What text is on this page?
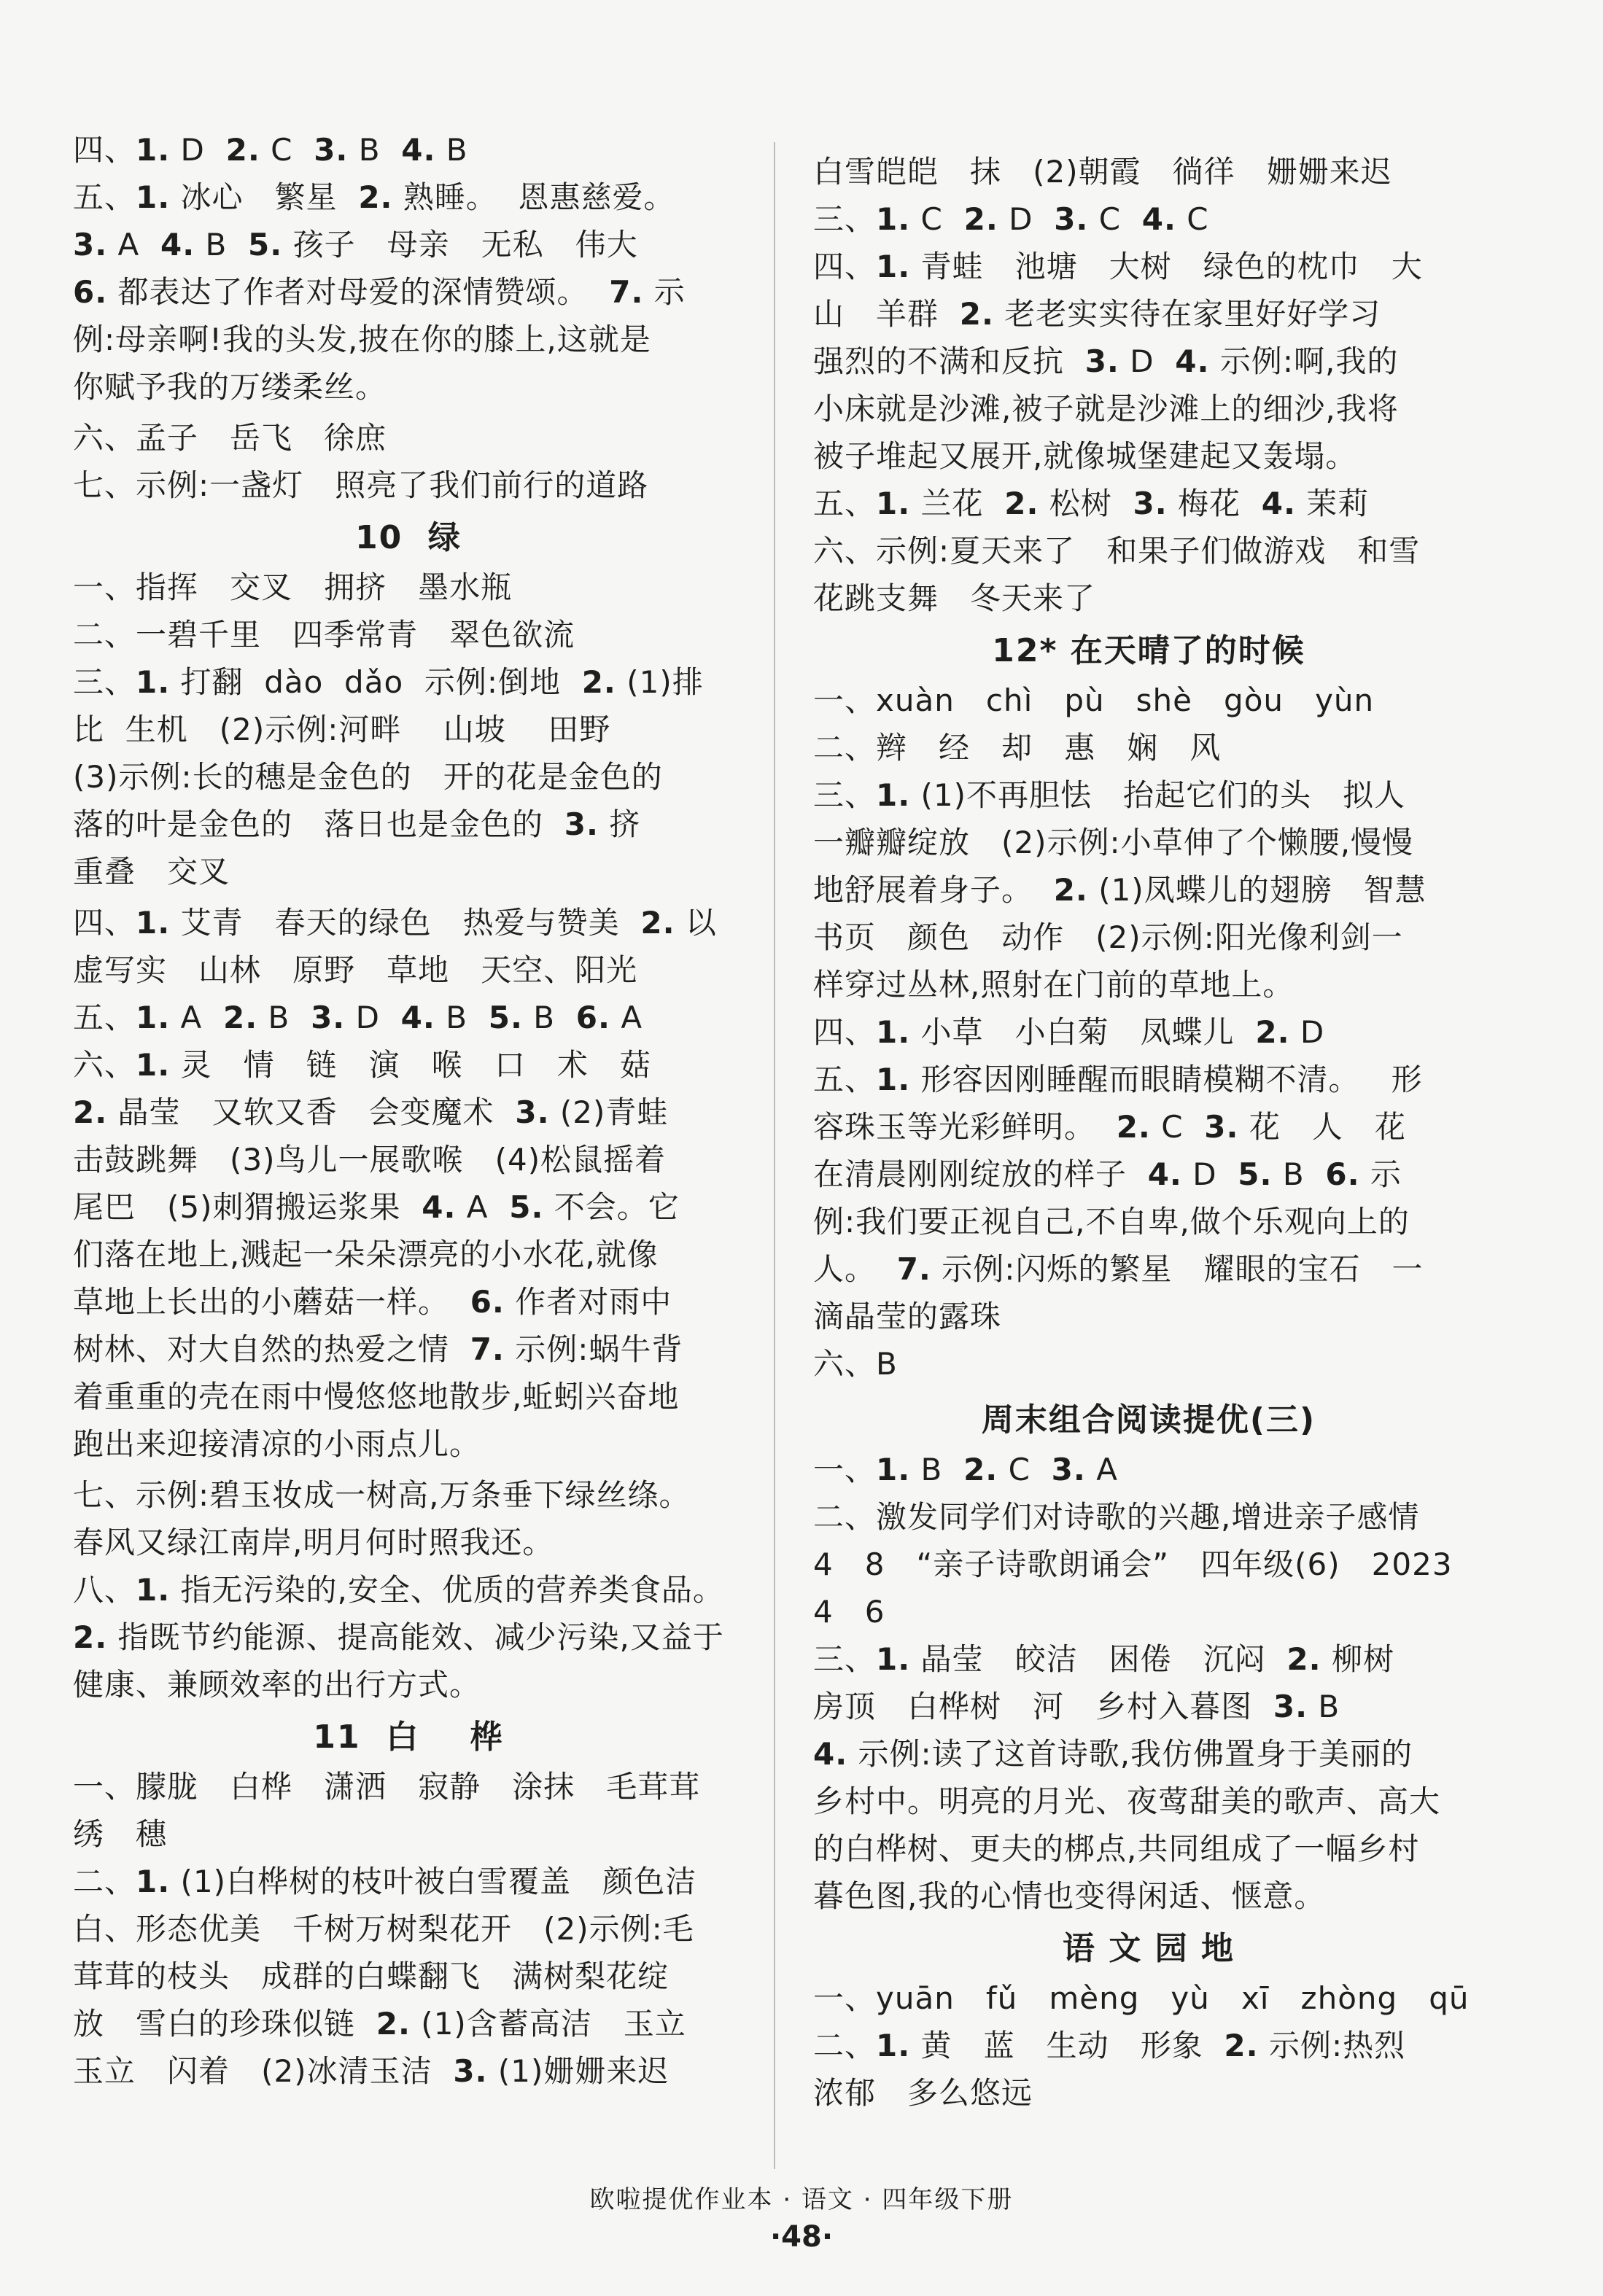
四、1. D  2. C  3. B  4. B
五、1. 冰心   繁星  2. 熟睡。  恩惠慈爱。
3. A  4. B  5. 孩子   母亲   无私   伟大
6. 都表达了作者对母爱的深情赞颂。  7. 示
例:母亲啊!我的头发,披在你的膝上,这就是
你赋予我的万缕柔丝。
六、孟子   岳飞   徐庶
七、示例:一盏灯   照亮了我们前行的道路
10  绿
一、指挥   交叉   拥挤   墨水瓶
二、一碧千里   四季常青   翠色欲流
三、1. 打翻  dào  dǎo  示例:倒地  2. (1)排
比  生机   (2)示例:河畔    山坡    田野
(3)示例:长的穗是金色的   开的花是金色的
落的叶是金色的   落日也是金色的  3. 挤
重叠   交叉
四、1. 艾青   春天的绿色   热爱与赞美  2. 以
虚写实   山林   原野   草地   天空、阳光
五、1. A  2. B  3. D  4. B  5. B  6. A
六、1. 灵   情   链   演   喉   口   术   菇
2. 晶莹   又软又香   会变魔术  3. (2)青蛙
击鼓跳舞   (3)鸟儿一展歌喉   (4)松鼠摇着
尾巴   (5)刺猬搬运浆果  4. A  5. 不会。它
们落在地上,溅起一朵朵漂亮的小水花,就像
草地上长出的小蘑菇一样。  6. 作者对雨中
树林、对大自然的热爱之情  7. 示例:蜗牛背
着重重的壳在雨中慢悠悠地散步,蚯蚓兴奋地
跑出来迎接清凉的小雨点儿。
七、示例:碧玉妆成一树高,万条垂下绿丝绦。
春风又绿江南岸,明月何时照我还。
八、1. 指无污染的,安全、优质的营养类食品。
2. 指既节约能源、提高能效、减少污染,又益于
健康、兼顾效率的出行方式。
11  白    桦
一、朦胧   白桦   潇洒   寂静   涂抹   毛茸茸
绣   穗
二、1. (1)白桦树的枝叶被白雪覆盖   颜色洁
白、形态优美   千树万树梨花开   (2)示例:毛
茸茸的枝头   成群的白蝶翻飞   满树梨花绽
放   雪白的珍珠似链  2. (1)含蓄高洁   玉立
玉立   闪着   (2)冰清玉洁  3. (1)姗姗来迟
白雪皑皑   抹   (2)朝霞   徜徉   姗姗来迟
三、1. C  2. D  3. C  4. C
四、1. 青蛙   池塘   大树   绿色的枕巾   大
山   羊群  2. 老老实实待在家里好好学习
强烈的不满和反抗  3. D  4. 示例:啊,我的
小床就是沙滩,被子就是沙滩上的细沙,我将
被子堆起又展开,就像城堡建起又轰塌。
五、1. 兰花  2. 松树  3. 梅花  4. 茉莉
六、示例:夏天来了   和果子们做游戏   和雪
花跳支舞   冬天来了
12* 在天晴了的时候
一、xuàn   chì   pù   shè   gòu   yùn
二、辫   经   却   惠   娴   风
三、1. (1)不再胆怯   抬起它们的头   拟人
一瓣瓣绽放   (2)示例:小草伸了个懒腰,慢慢
地舒展着身子。  2. (1)凤蝶儿的翅膀   智慧
书页   颜色   动作   (2)示例:阳光像利剑一
样穿过丛林,照射在门前的草地上。
四、1. 小草   小白菊   凤蝶儿  2. D
五、1. 形容因刚睡醒而眼睛模糊不清。   形
容珠玉等光彩鲜明。  2. C  3. 花   人   花
在清晨刚刚绽放的样子  4. D  5. B  6. 示
例:我们要正视自己,不自卑,做个乐观向上的
人。  7. 示例:闪烁的繁星   耀眼的宝石   一
滴晶莹的露珠
六、B
周末组合阅读提优(三)
一、1. B  2. C  3. A
二、激发同学们对诗歌的兴趣,增进亲子感情
4   8   “亲子诗歌朗诵会”   四年级(6)   2023
4   6
三、1. 晶莹   皎洁   困倦   沉闷  2. 柳树
房顶   白桦树   河   乡村入暮图  3. B
4. 示例:读了这首诗歌,我仿佛置身于美丽的
乡村中。明亮的月光、夜莺甜美的歌声、高大
的白桦树、更夫的梆点,共同组成了一幅乡村
暮色图,我的心情也变得闲适、惬意。
语 文 园 地
一、yuān   fǔ   mèng   yù   xī   zhòng   qū
二、1. 黄   蓝   生动   形象  2. 示例:热烈
浓郁   多么悠远
欧啦提优作业本 · 语文 · 四年级下册
·48·
